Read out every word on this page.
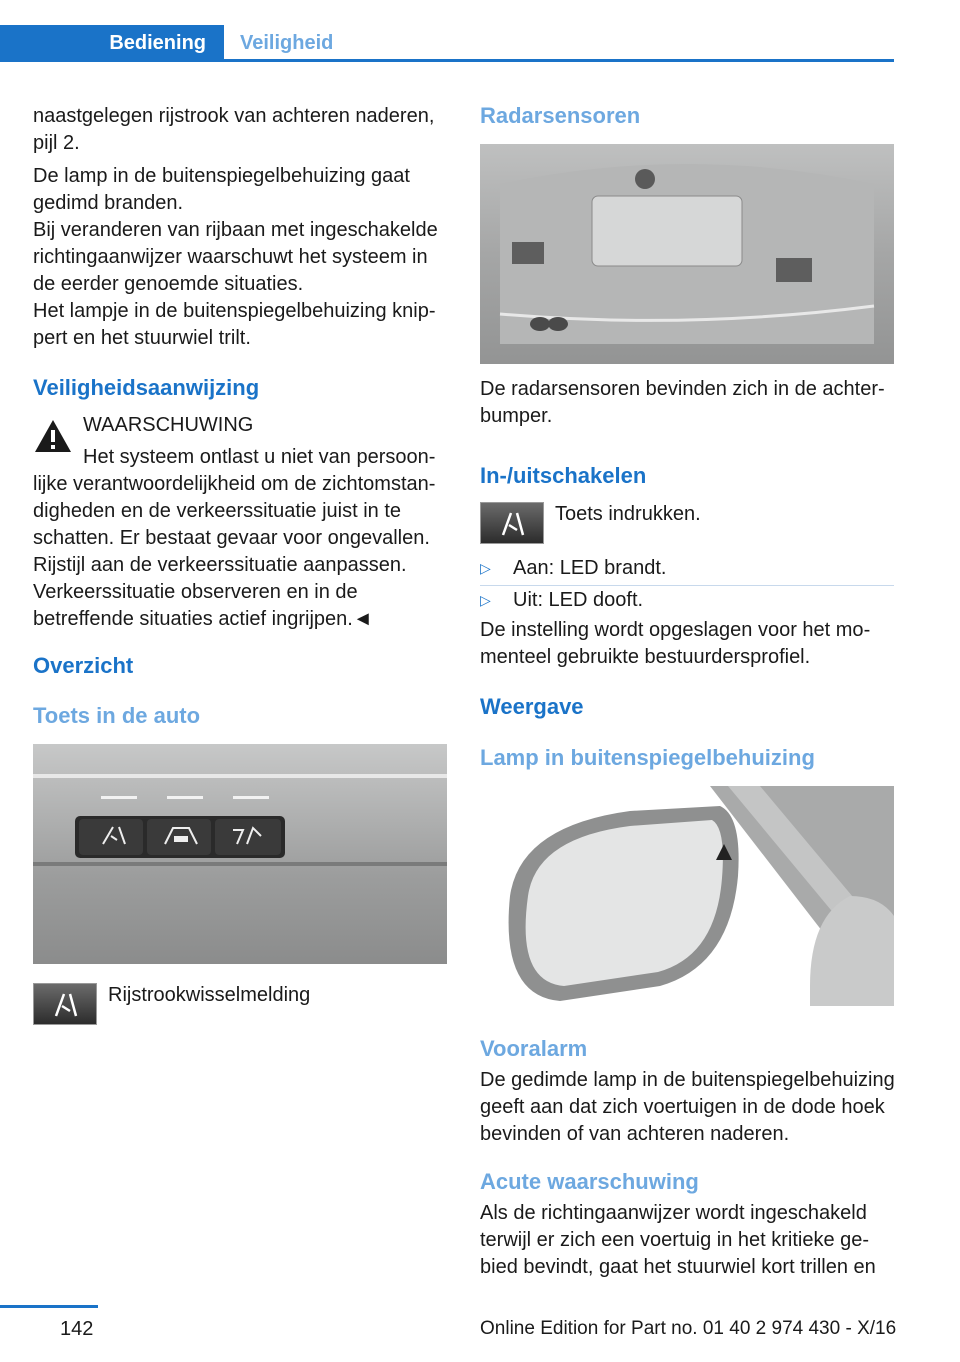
Bediening	Veiligheid

naastgelegen rijstrook van achteren naderen, pijl 2.

De lamp in de buitenspiegelbehuizing gaat gedimd branden.

Bij veranderen van rijbaan met ingeschakelde richtingaanwijzer waarschuwt het systeem in de eerder genoemde situaties.

Het lampje in de buitenspiegelbehuizing knippert en het stuurwiel trilt.

Veiligheidsaanwijzing

WAARSCHUWING

Het systeem ontlast u niet van persoonlijke verantwoordelijkheid om de zichtomstandigheden en de verkeerssituatie juist in te schatten. Er bestaat gevaar voor ongevallen. Rijstijl aan de verkeerssituatie aanpassen. Verkeerssituatie observeren en in de betreffende situaties actief ingrijpen.◄

Overzicht
Toets in de auto

Rijstrookwisselmelding

Radarsensoren

De radarsensoren bevinden zich in de achterbumper.

In-/uitschakelen

Toets indrukken.

▷ Aan: LED brandt.
▷ Uit: LED dooft.

De instelling wordt opgeslagen voor het momenteel gebruikte bestuurdersprofiel.

Weergave
Lamp in buitenspiegelbehuizing
Vooralarm

De gedimde lamp in de buitenspiegelbehuizing geeft aan dat zich voertuigen in de dode hoek bevinden of van achteren naderen.

Acute waarschuwing

Als de richtingaanwijzer wordt ingeschakeld terwijl er zich een voertuig in het kritieke gebied bevindt, gaat het stuurwiel kort trillen en

142	Online Edition for Part no. 01 40 2 974 430 - X/16
